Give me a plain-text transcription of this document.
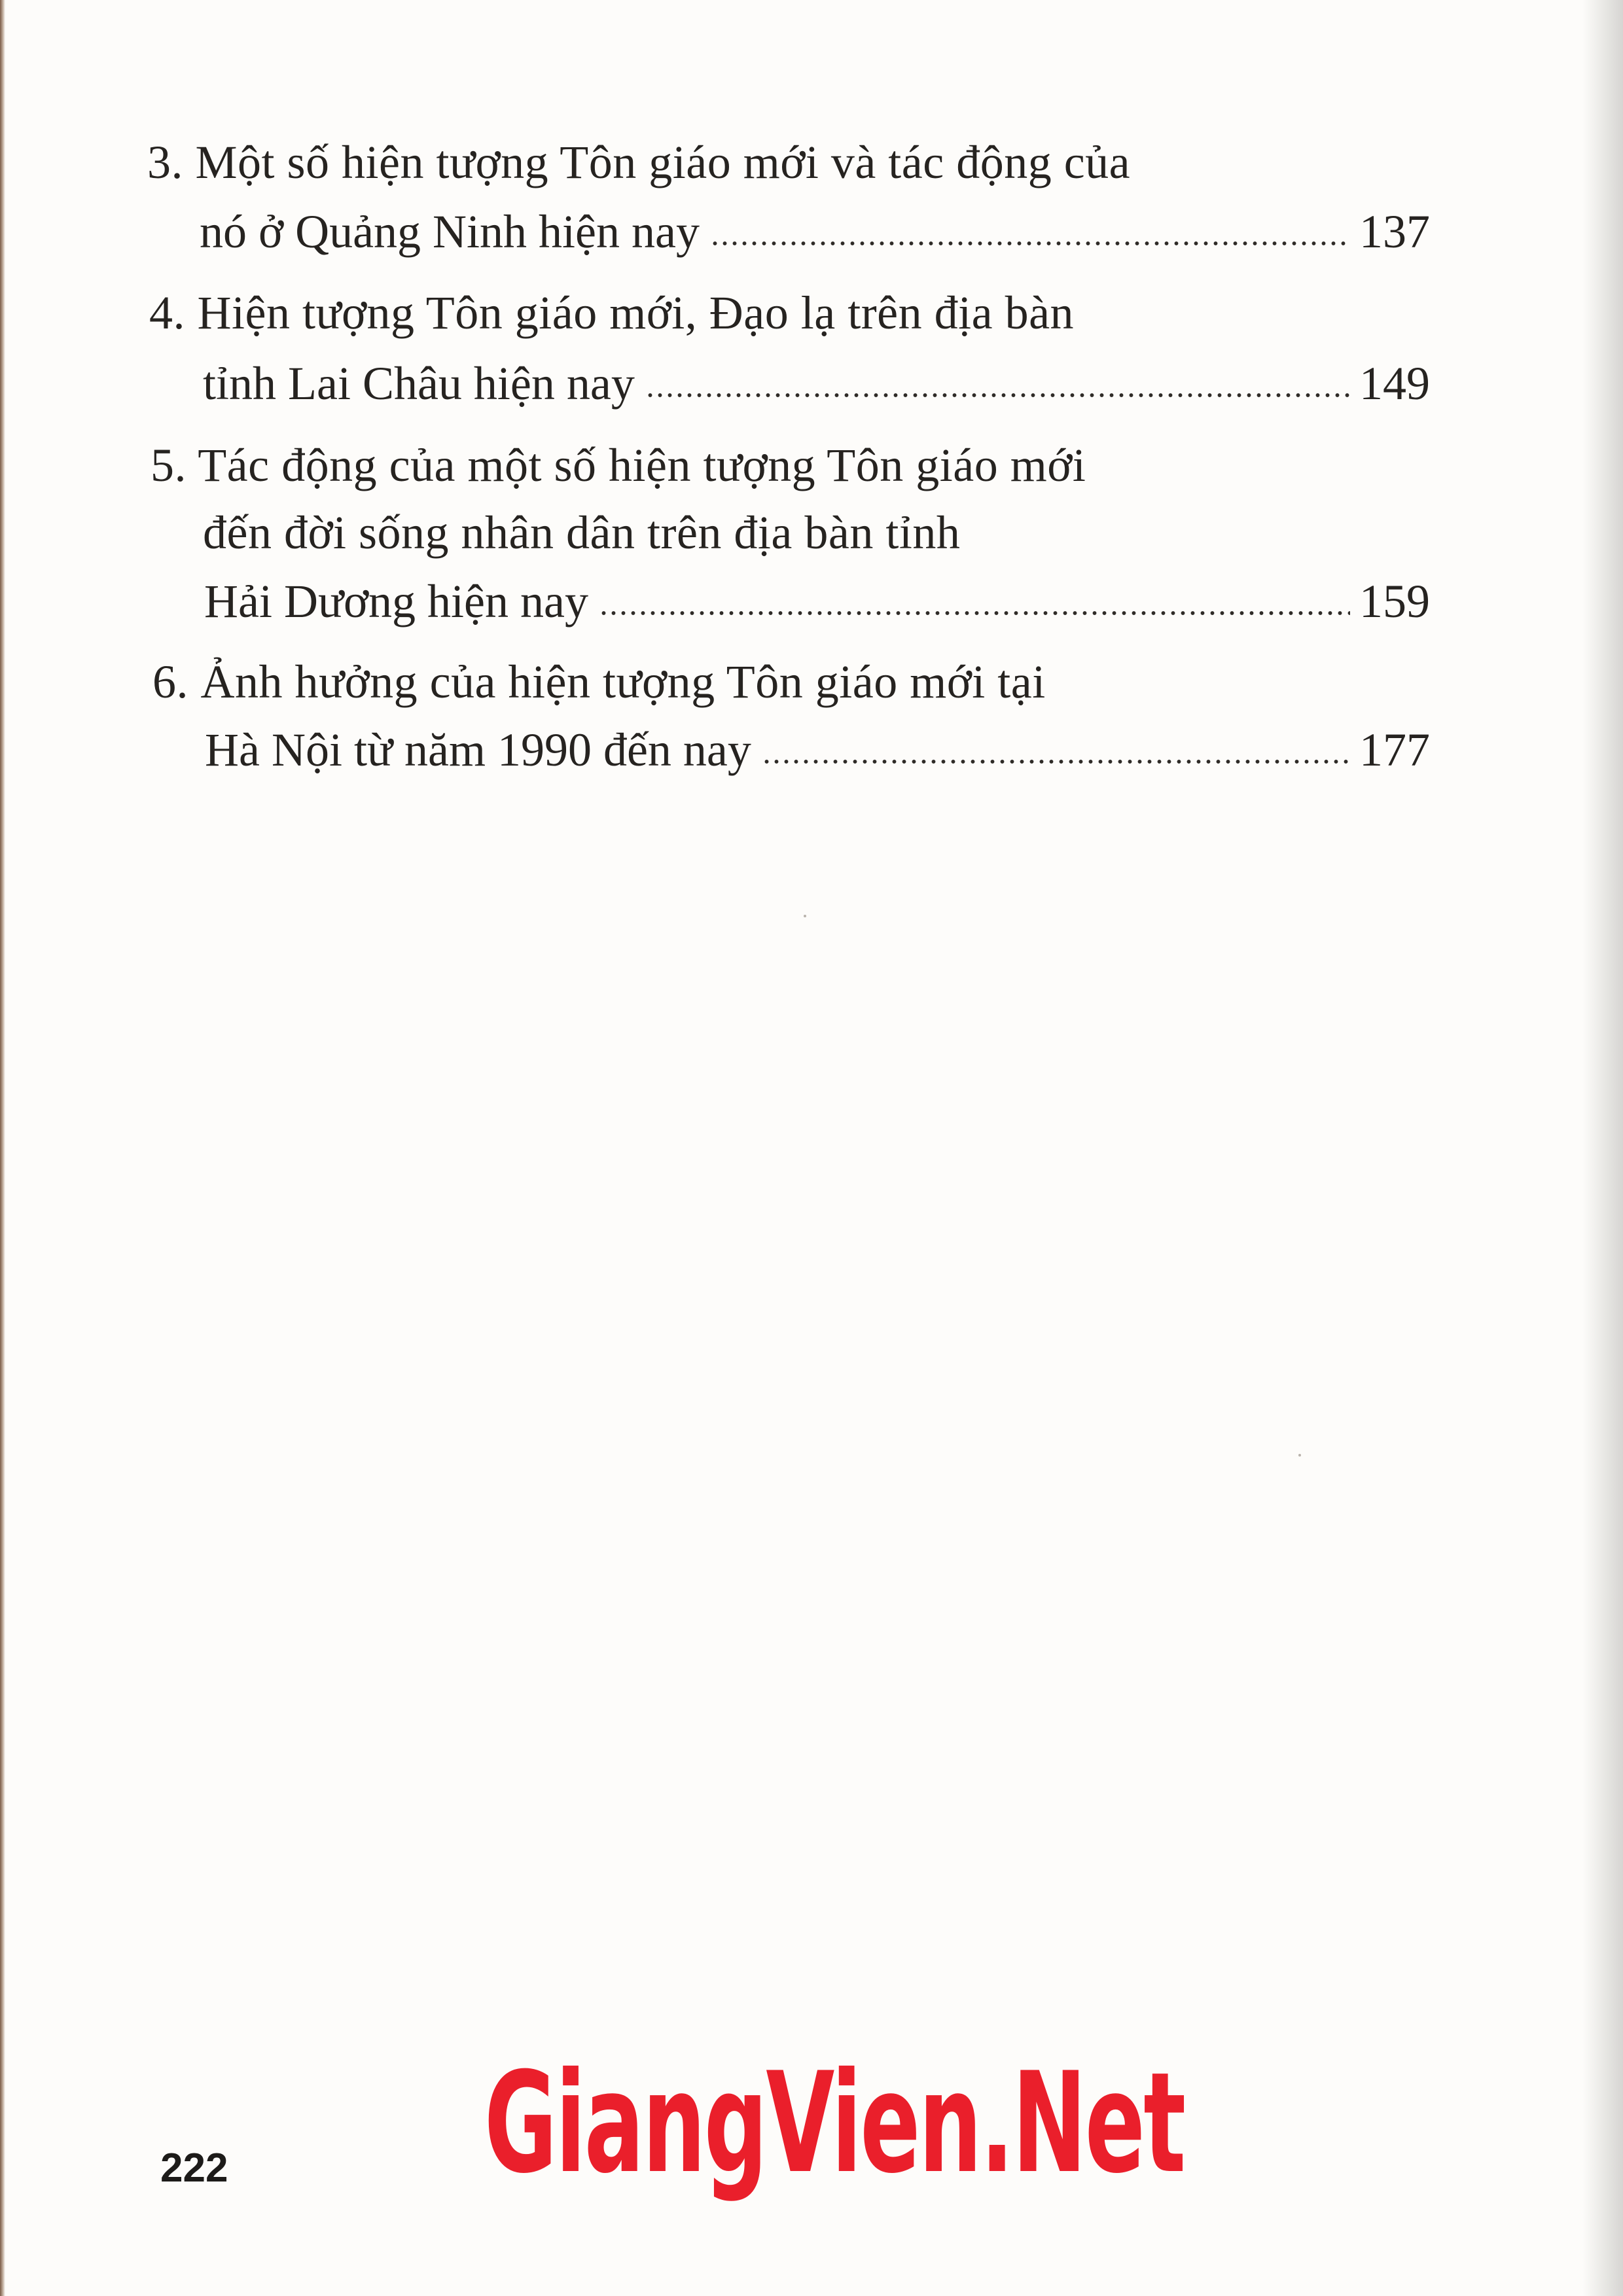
3. Một số hiện tượng Tôn giáo mới và tác động của
nó ở Quảng Ninh hiện nay	137
4. Hiện tượng Tôn giáo mới, Đạo lạ trên địa bàn
tỉnh Lai Châu hiện nay	149
5. Tác động của một số hiện tượng Tôn giáo mới
đến đời sống nhân dân trên địa bàn tỉnh
Hải Dương hiện nay	159
6. Ảnh hưởng của hiện tượng Tôn giáo mới tại
Hà Nội từ năm 1990 đến nay	177
222 GiangVien.Net
